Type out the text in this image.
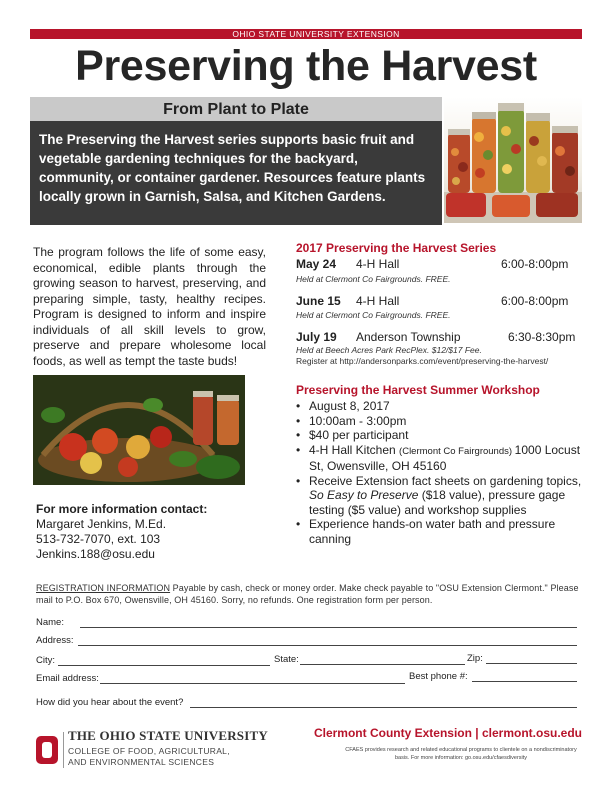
OHIO STATE UNIVERSITY EXTENSION
Preserving the Harvest
From Plant to Plate
The Preserving the Harvest series supports basic fruit and vegetable gardening techniques for the backyard, community, or container gardener. Resources feature plants locally grown in Garnish, Salsa, and Kitchen Gardens.
The program follows the life of some easy, economical, edible plants through the growing season to harvest, preserving, and preparing simple, tasty, healthy recipes. Program is designed to inform and inspire individuals of all skill levels to grow, preserve and prepare wholesome local foods, as well as tempt the taste buds!
For more information contact:
Margaret Jenkins, M.Ed.
513-732-7070, ext. 103
Jenkins.188@osu.edu
2017 Preserving the Harvest Series
May 24 4-H Hall	6:00-8:00pm
Held at Clermont Co Fairgrounds. FREE.
June 15 4-H Hall	6:00-8:00pm
Held at Clermont Co Fairgrounds. FREE.
July 19 Anderson Township	6:30-8:30pm
Held at Beech Acres Park RecPlex. $12/$17 Fee.
Register at http://andersonparks.com/event/preserving-the-harvest/
Preserving the Harvest Summer Workshop
• August 8, 2017
• 10:00am - 3:00pm
• $40 per participant
• 4-H Hall Kitchen (Clermont Co Fairgrounds) 1000 Locust St, Owensville, OH 45160
• Receive Extension fact sheets on gardening topics, So Easy to Preserve ($18 value), pressure gage testing ($5 value) and workshop supplies
• Experience hands-on water bath and pressure canning
REGISTRATION INFORMATION Payable by cash, check or money order. Make check payable to "OSU Extension Clermont." Please mail to P.O. Box 670, Owensville, OH 45160. Sorry, no refunds. One registration form per person.
Name:
Address:
City:	State:	Zip:
Email address:	Best phone #:
How did you hear about the event?
THE OHIO STATE UNIVERSITY
COLLEGE OF FOOD, AGRICULTURAL,
AND ENVIRONMENTAL SCIENCES
Clermont County Extension | clermont.osu.edu
CFAES provides research and related educational programs to clientele on a nondiscriminatory basis. For more information: go.osu.edu/cfaesdiversity
